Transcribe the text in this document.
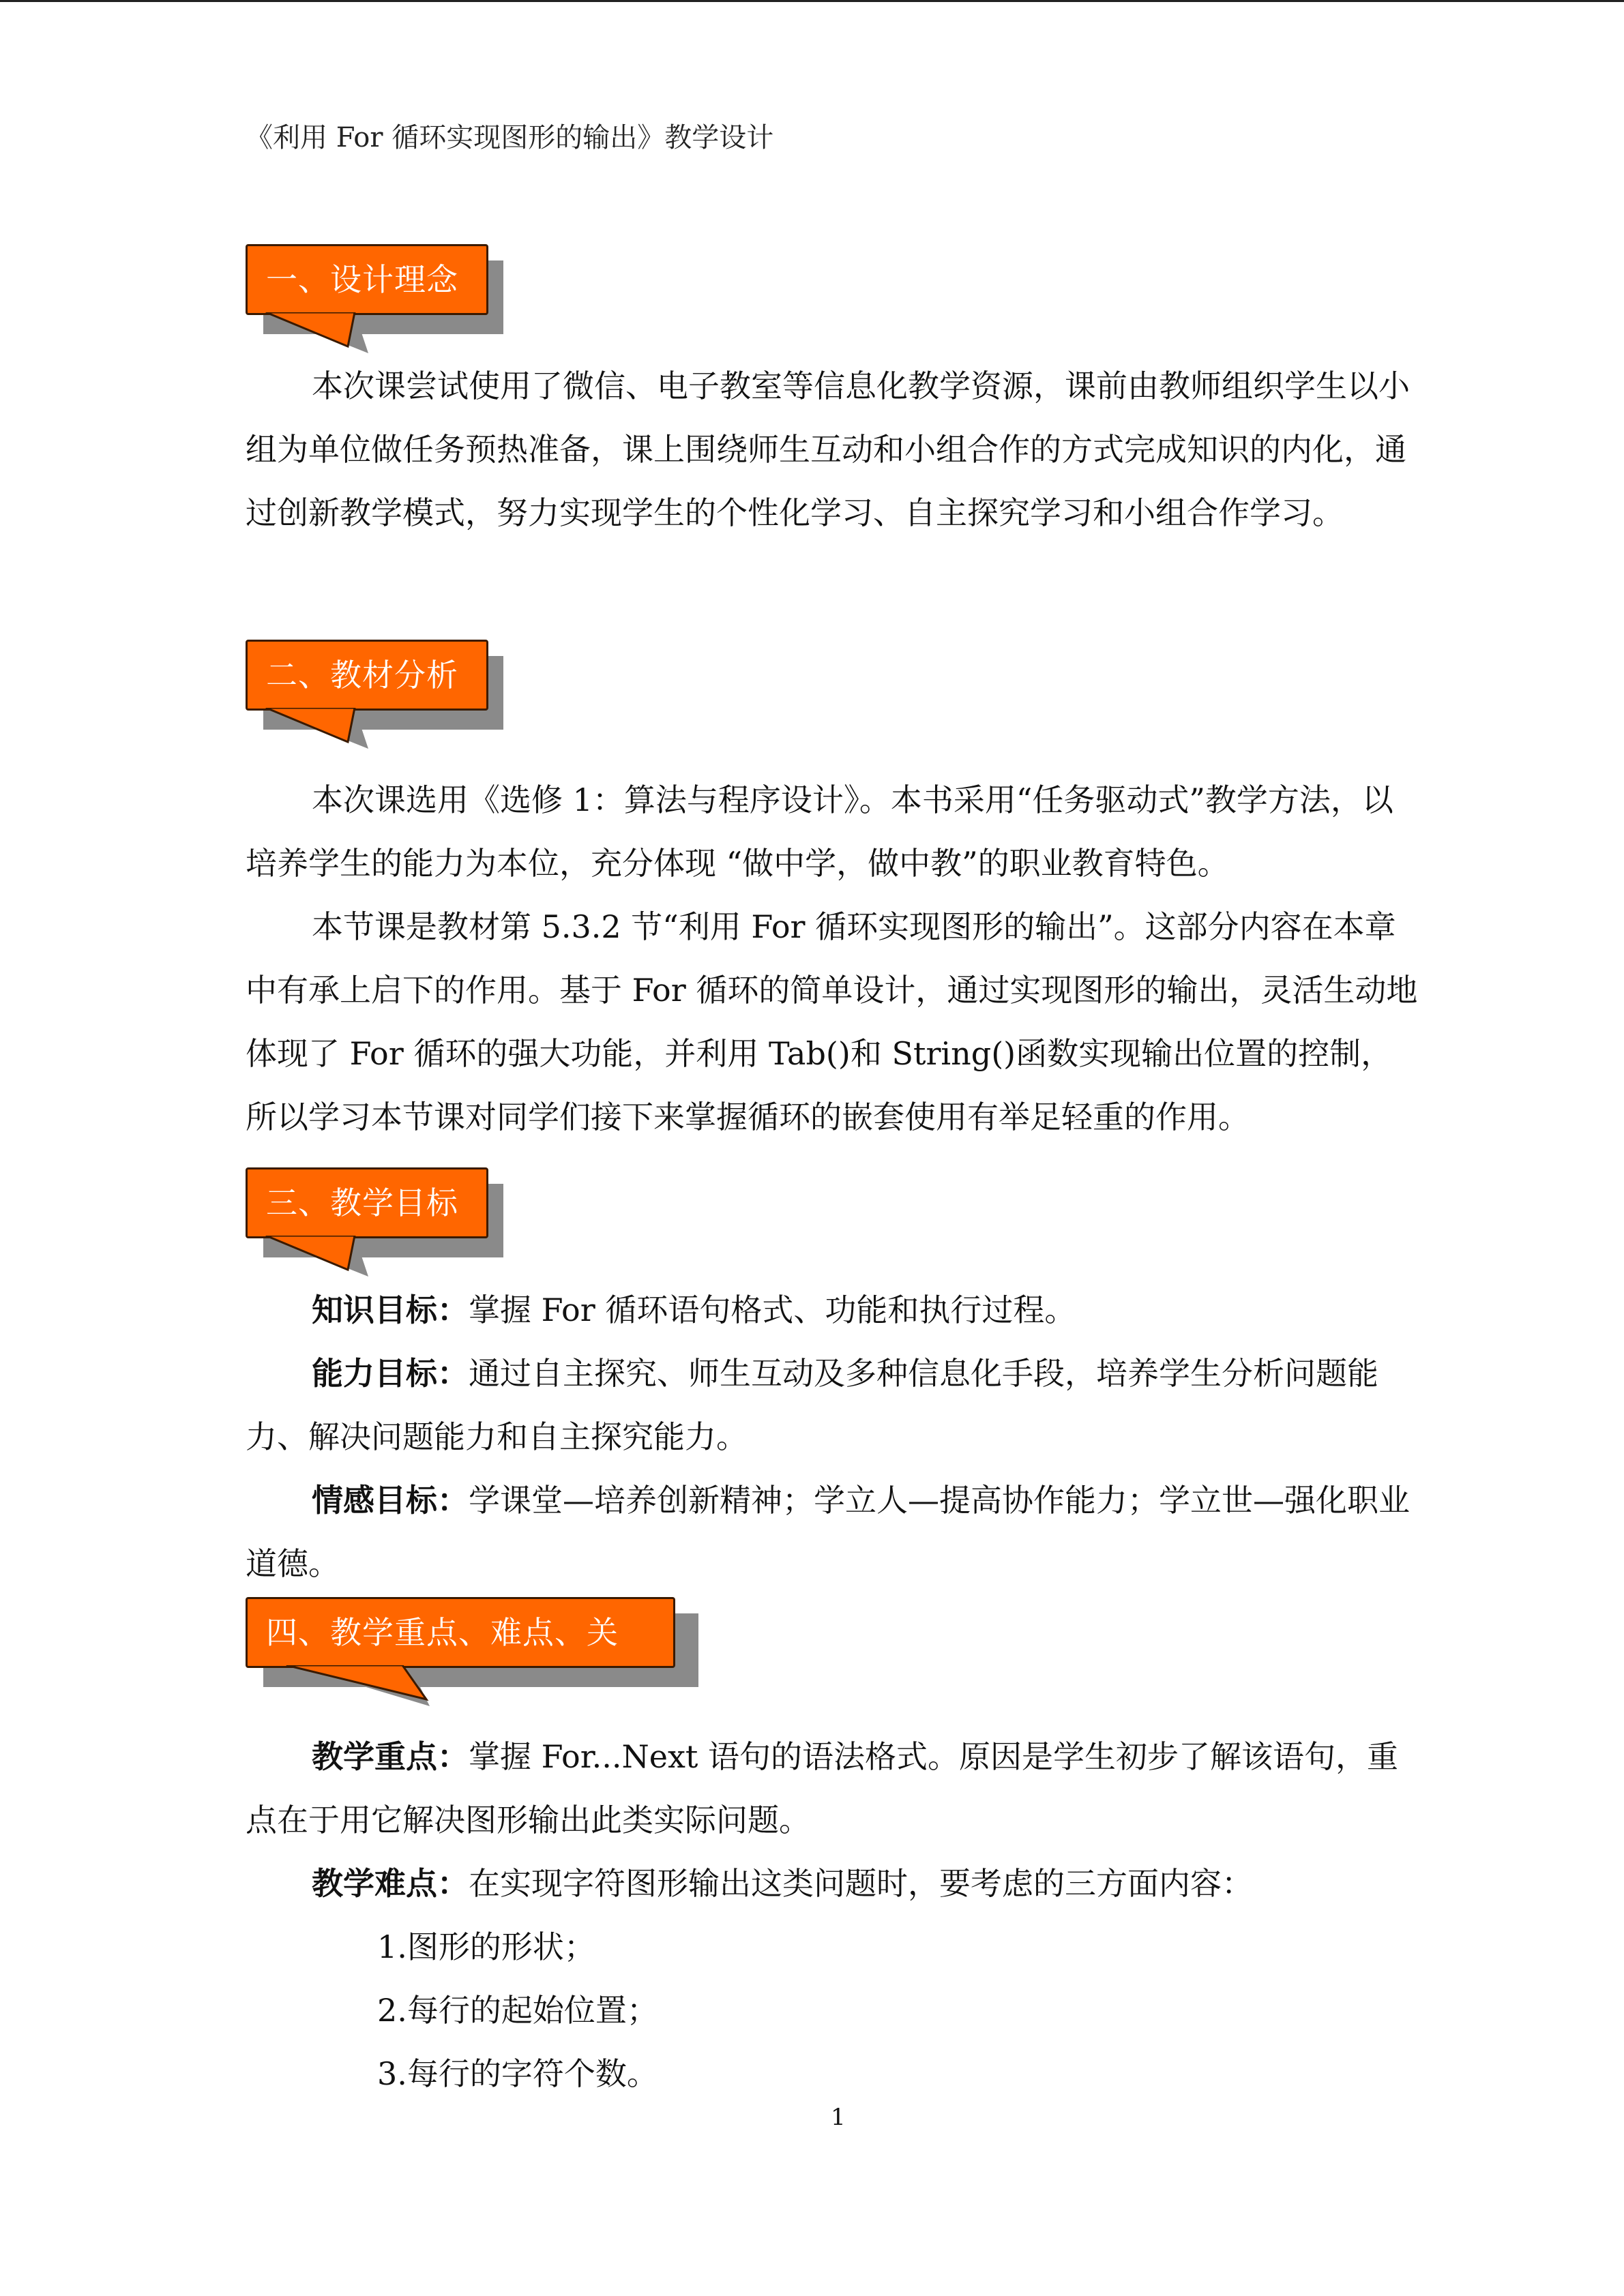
《利用 For 循环实现图形的输出》教学设计
一、设计理念

本次课尝试使用了微信、电子教室等信息化教学资源，课前由教师组织学生以小组为单位做任务预热准备，课上围绕师生互动和小组合作的方式完成知识的内化，通过创新教学模式，努力实现学生的个性化学习、自主探究学习和小组合作学习。

二、教材分析

本次课选用《选修 1：算法与程序设计》。本书采用“任务驱动式”教学方法，以培养学生的能力为本位，充分体现 “做中学，做中教”的职业教育特色。

本节课是教材第 5.3.2 节“利用 For 循环实现图形的输出”。这部分内容在本章中有承上启下的作用。基于 For 循环的简单设计，通过实现图形的输出，灵活生动地体现了 For 循环的强大功能，并利用 Tab()和 String()函数实现输出位置的控制，所以学习本节课对同学们接下来掌握循环的嵌套使用有举足轻重的作用。

三、教学目标

知识目标：掌握 For 循环语句格式、功能和执行过程。

能力目标：通过自主探究、师生互动及多种信息化手段，培养学生分析问题能力、解决问题能力和自主探究能力。

情感目标：学课堂—培养创新精神；学立人—提高协作能力；学立世—强化职业道德。

四、教学重点、难点、关

教学重点：掌握 For...Next 语句的语法格式。原因是学生初步了解该语句，重点在于用它解决图形输出此类实际问题。

教学难点：在实现字符图形输出这类问题时，要考虑的三方面内容：

1.图形的形状；
2.每行的起始位置；
3.每行的字符个数。
1
